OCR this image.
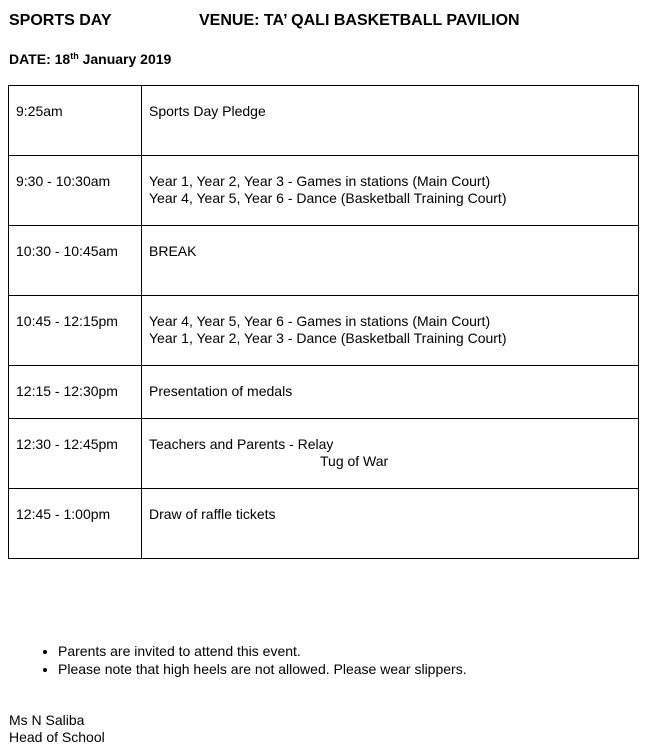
SPORTS DAY	VENUE: TA’ QALI BASKETBALL PAVILION
DATE: 18th January 2019
9:25am	Sports Day Pledge

9:30 - 10:30am	Year 1, Year 2, Year 3 - Games in stations (Main Court)
Year 4, Year 5, Year 6 - Dance (Basketball Training Court)

10:30 - 10:45am	BREAK

10:45 - 12:15pm	Year 4, Year 5, Year 6 - Games in stations (Main Court)
Year 1, Year 2, Year 3 - Dance (Basketball Training Court)

12:15 - 12:30pm	Presentation of medals

12:30 - 12:45pm	Teachers and Parents - Relay
Tug of War

12:45 - 1:00pm	Draw of raffle tickets
• Parents are invited to attend this event.
• Please note that high heels are not allowed. Please wear slippers.
Ms N Saliba
Head of School
